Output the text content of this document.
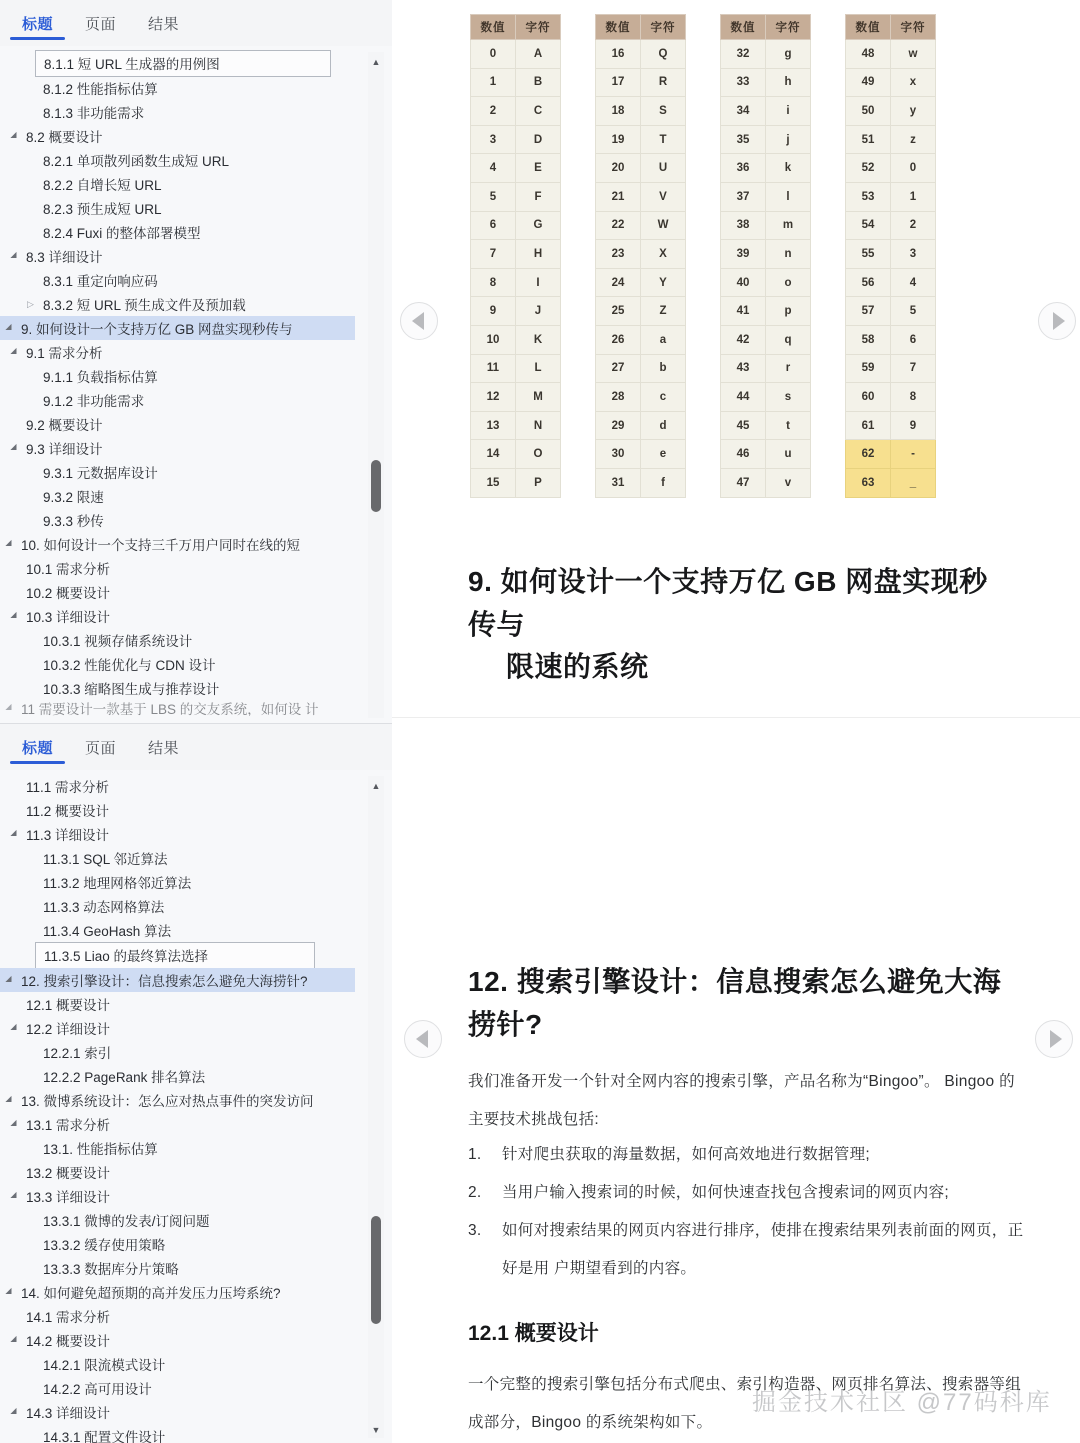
标题 页面 结果
8.1.1 短 URL 生成器的用例图
8.1.2 性能指标估算
8.1.3 非功能需求
◢
8.2 概要设计
8.2.1 单项散列函数生成短 URL
8.2.2 自增长短 URL
8.2.3 预生成短 URL
8.2.4 Fuxi 的整体部署模型
◢
8.3 详细设计
8.3.1 重定向响应码
▷
8.3.2 短 URL 预生成文件及预加载
◢
9. 如何设计一个支持万亿 GB 网盘实现秒传与
◢
9.1 需求分析
9.1.1 负载指标估算
9.1.2 非功能需求
9.2 概要设计
◢
9.3 详细设计
9.3.1 元数据库设计
9.3.2 限速
9.3.3 秒传
◢
10. 如何设计一个支持三千万用户同时在线的短
10.1 需求分析
10.2 概要设计
◢
10.3 详细设计
10.3.1 视频存储系统设计
10.3.2 性能优化与 CDN 设计
10.3.3 缩略图生成与推荐设计
◢
11 需要设计一款基于 LBS 的交友系统，如何设 计
▲
标题 页面 结果
11.1 需求分析
11.2 概要设计
◢
11.3 详细设计
11.3.1 SQL 邻近算法
11.3.2 地理网格邻近算法
11.3.3 动态网格算法
11.3.4 GeoHash 算法
11.3.5 Liao 的最终算法选择
◢
12. 搜索引擎设计：信息搜索怎么避免大海捞针?
12.1 概要设计
◢
12.2 详细设计
12.2.1 索引
12.2.2 PageRank 排名算法
◢
13. 微博系统设计：怎么应对热点事件的突发访问
◢
13.1 需求分析
13.1. 性能指标估算
13.2 概要设计
◢
13.3 详细设计
13.3.1 微博的发表/订阅问题
13.3.2 缓存使用策略
13.3.3 数据库分片策略
◢
14. 如何避免超预期的高并发压力压垮系统?
14.1 需求分析
◢
14.2 概要设计
14.2.1 限流模式设计
14.2.2 高可用设计
◢
14.3 详细设计
14.3.1 配置文件设计
▲
▼
数值	字符
0	A
1	B
2	C
3	D
4	E
5	F
6	G
7	H
8	I
9	J
10	K
11	L
12	M
13	N
14	O
15	P
数值	字符
16	Q
17	R
18	S
19	T
20	U
21	V
22	W
23	X
24	Y
25	Z
26	a
27	b
28	c
29	d
30	e
31	f
数值	字符
32	g
33	h
34	i
35	j
36	k
37	l
38	m
39	n
40	o
41	p
42	q
43	r
44	s
45	t
46	u
47	v
数值	字符
48	w
49	x
50	y
51	z
52	0
53	1
54	2
55	3
56	4
57	5
58	6
59	7
60	8
61	9
62	-
63	_
9. 如何设计一个支持万亿 GB 网盘实现秒
传与
限速的系统
12. 搜索引擎设计：信息搜索怎么避免大海
捞针?
我们准备开发一个针对全网内容的搜索引擎，产品名称为“Bingoo”。 Bingoo 的主要技术挑战包括:
1.	针对爬虫获取的海量数据，如何高效地进行数据管理;
2.	当用户输入搜索词的时候，如何快速查找包含搜索词的网页内容;
3.	如何对搜索结果的网页内容进行排序，使排在搜索结果列表前面的网页，正好是用 户期望看到的内容。
12.1 概要设计
一个完整的搜索引擎包括分布式爬虫、索引构造器、网页排名算法、搜索器等组成部分，Bingoo 的系统架构如下。
掘金技术社区 @77码科库
